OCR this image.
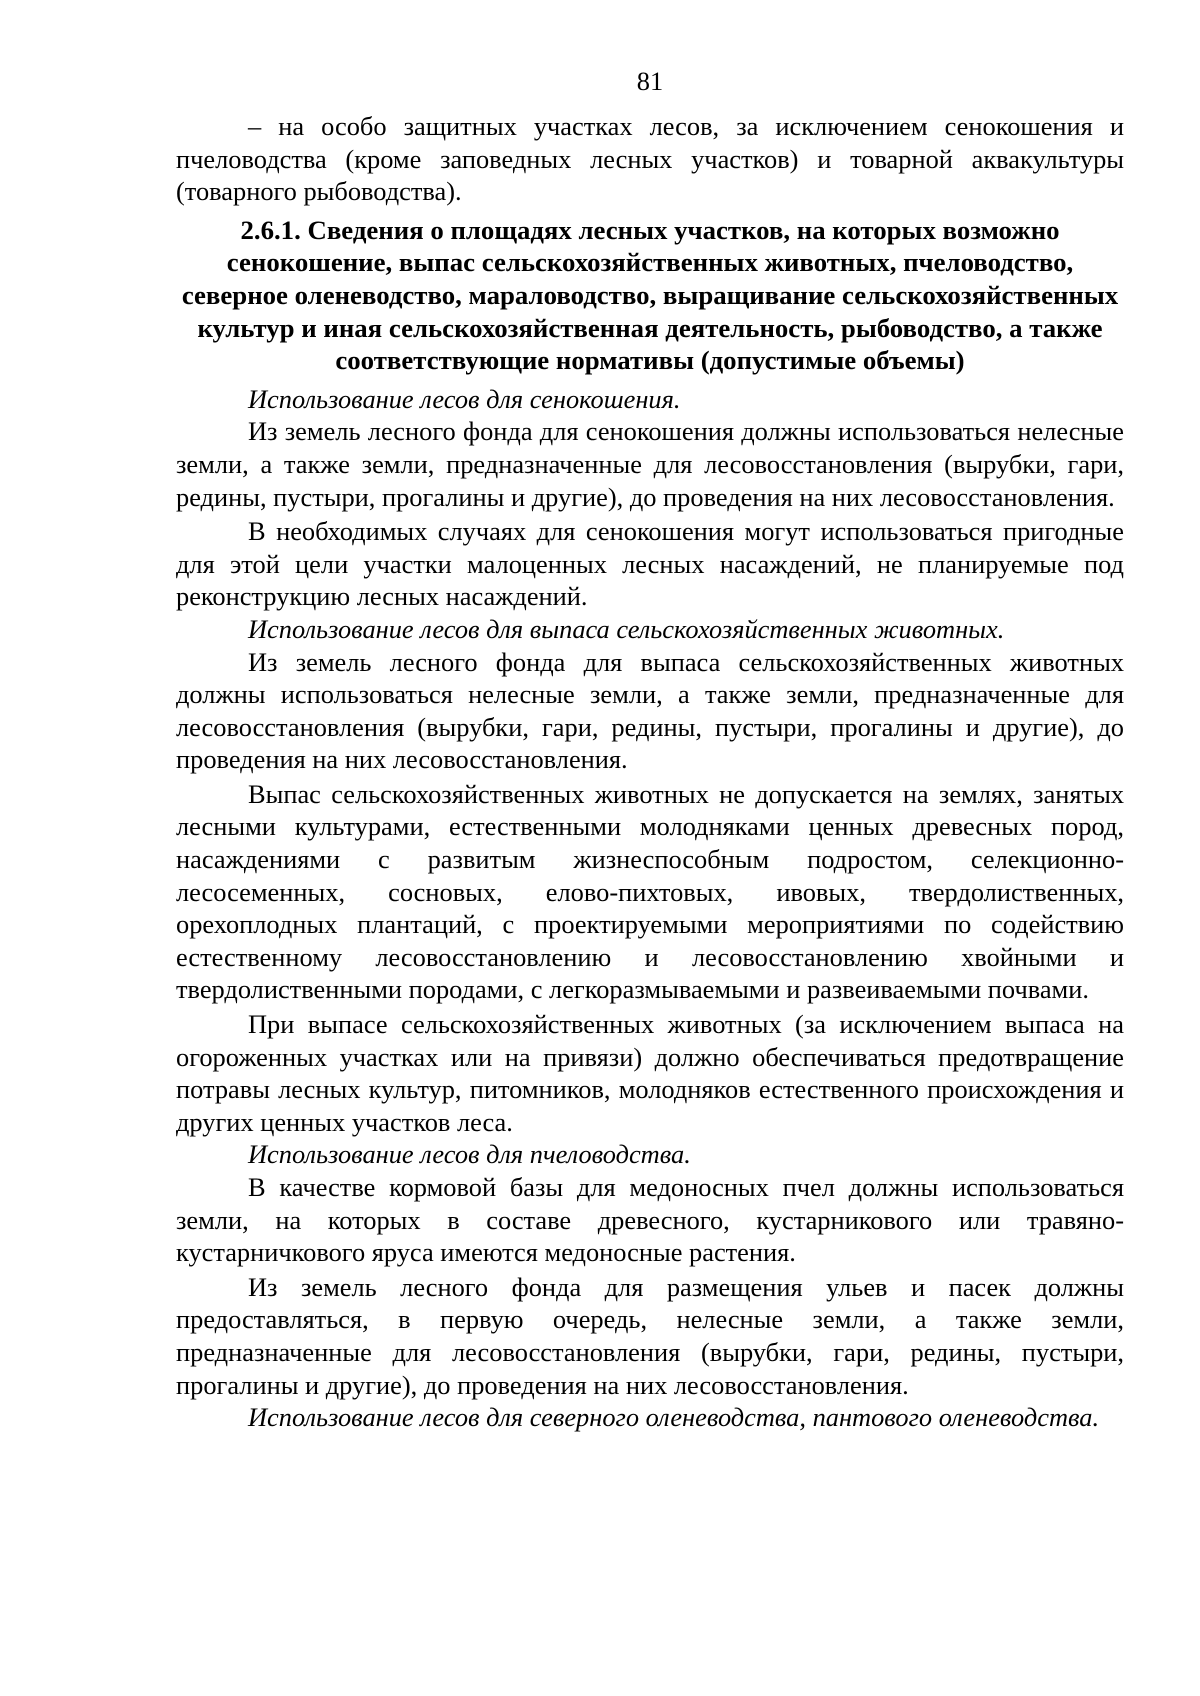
81

– на особо защитных участках лесов, за исключением сенокошения и пчеловодства (кроме заповедных лесных участков) и товарной аквакультуры (товарного рыбоводства).

2.6.1. Сведения о площадях лесных участков, на которых возможно сенокошение, выпас сельскохозяйственных животных, пчеловодство, северное оленеводство, мараловодство, выращивание сельскохозяйственных культур и иная сельскохозяйственная деятельность, рыбоводство, а также соответствующие нормативы (допустимые объемы)

Использование лесов для сенокошения.

Из земель лесного фонда для сенокошения должны использоваться нелесные земли, а также земли, предназначенные для лесовосстановления (вырубки, гари, редины, пустыри, прогалины и другие), до проведения на них лесовосстановления.

В необходимых случаях для сенокошения могут использоваться пригодные для этой цели участки малоценных лесных насаждений, не планируемые под реконструкцию лесных насаждений.

Использование лесов для выпаса сельскохозяйственных животных.

Из земель лесного фонда для выпаса сельскохозяйственных животных должны использоваться нелесные земли, а также земли, предназначенные для лесовосстановления (вырубки, гари, редины, пустыри, прогалины и другие), до проведения на них лесовосстановления.

Выпас сельскохозяйственных животных не допускается на землях, занятых лесными культурами, естественными молодняками ценных древесных пород, насаждениями с развитым жизнеспособным подростом, селекционно-лесосеменных, сосновых, елово-пихтовых, ивовых, твердолиственных, орехоплодных плантаций, с проектируемыми мероприятиями по содействию естественному лесовосстановлению и лесовосстановлению хвойными и твердолиственными породами, с легкоразмываемыми и развеиваемыми почвами.

При выпасе сельскохозяйственных животных (за исключением выпаса на огороженных участках или на привязи) должно обеспечиваться предотвращение потравы лесных культур, питомников, молодняков естественного происхождения и других ценных участков леса.

Использование лесов для пчеловодства.

В качестве кормовой базы для медоносных пчел должны использоваться земли, на которых в составе древесного, кустарникового или травяно-кустарничкового яруса имеются медоносные растения.

Из земель лесного фонда для размещения ульев и пасек должны предоставляться, в первую очередь, нелесные земли, а также земли, предназначенные для лесовосстановления (вырубки, гари, редины, пустыри, прогалины и другие), до проведения на них лесовосстановления.

Использование лесов для северного оленеводства, пантового оленеводства.
